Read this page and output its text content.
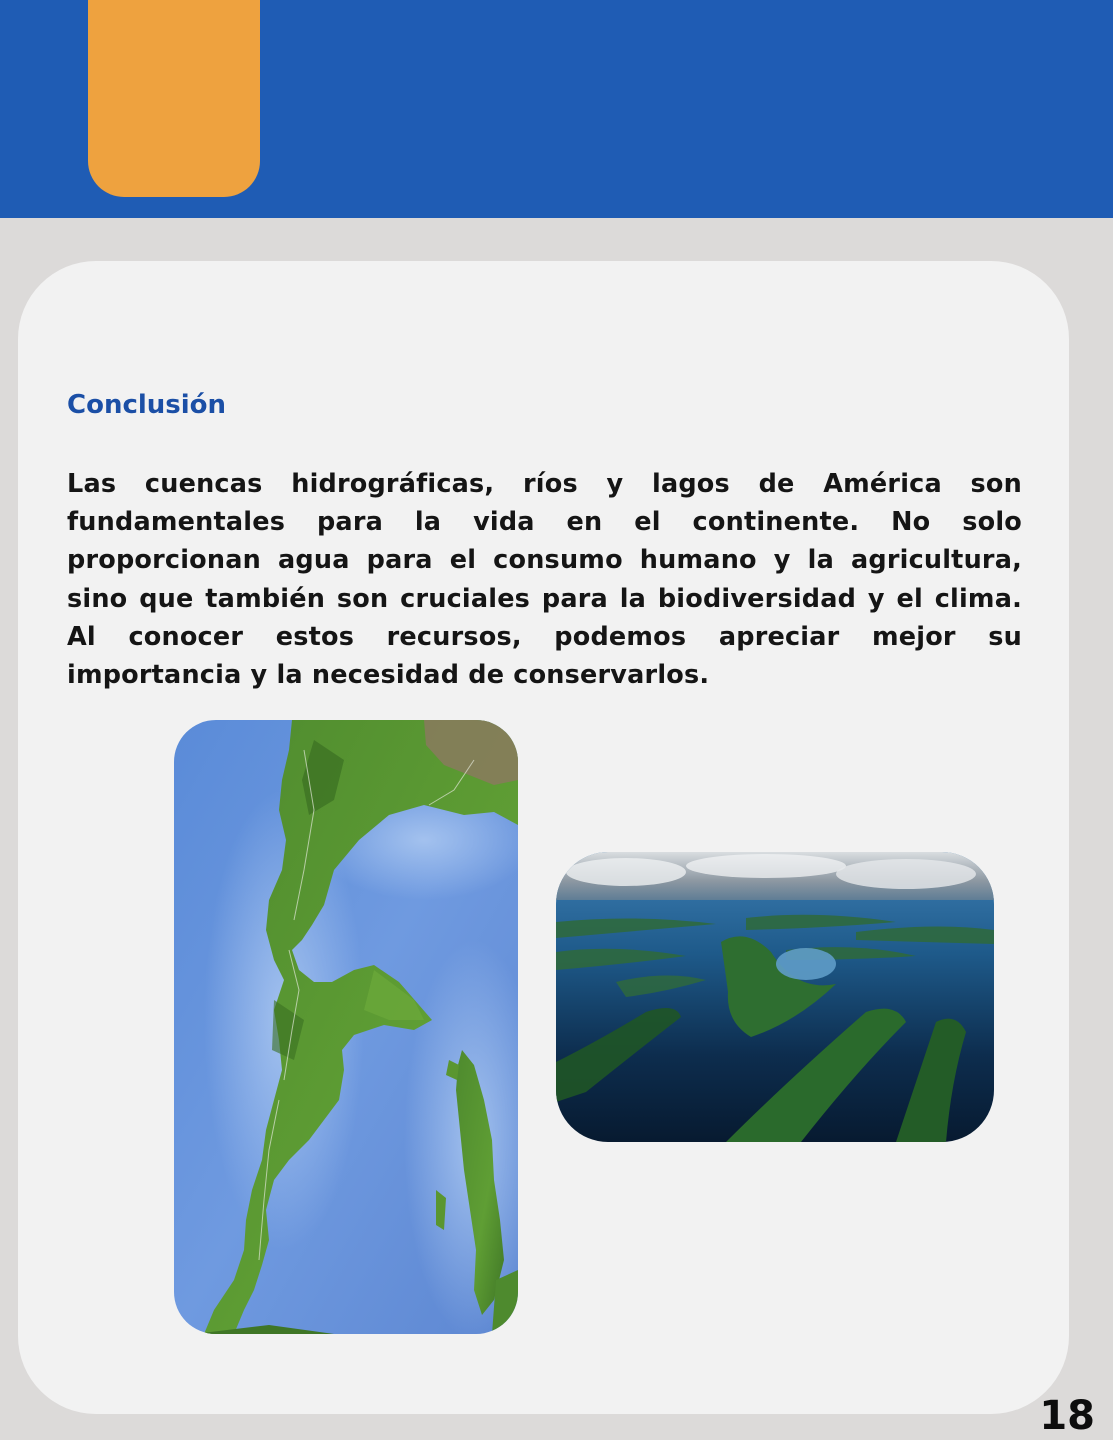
Conclusión

Las cuencas hidrográficas, ríos y lagos de América son fundamentales para la vida en el continente. No solo proporcionan agua para el consumo humano y la agricultura, sino que también son cruciales para la biodiversidad y el clima. Al conocer estos recursos, podemos apreciar mejor su importancia y la necesidad de conservarlos.

18
